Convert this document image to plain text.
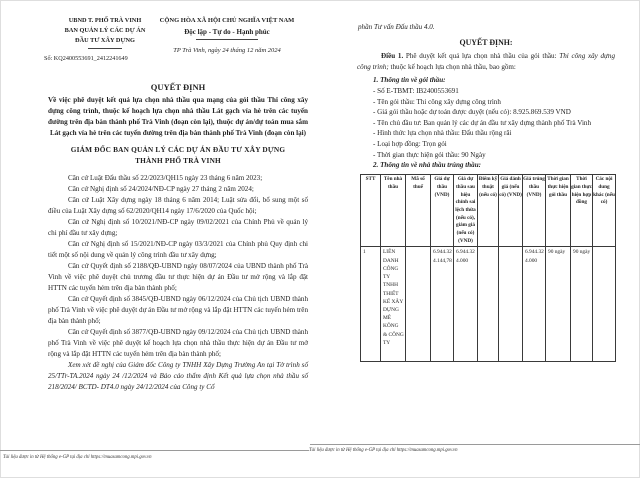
UBND T. PHỐ TRÀ VINH
BAN QUẢN LÝ CÁC DỰ ÁN
ĐẦU TƯ XÂY DỰNG
Số: KQ2400553691_2412241649
CỘNG HÒA XÃ HỘI CHỦ NGHĨA VIỆT NAM
Độc lập - Tự do - Hạnh phúc
TP Trà Vinh, ngày 24 tháng 12 năm 2024
QUYẾT ĐỊNH

Về việc phê duyệt kết quả lựa chọn nhà thầu qua mạng của gói thầu Thi công xây dựng công trình, thuộc kế hoạch lựa chọn nhà thầu Lát gạch vỉa hè trên các tuyến đường trên địa bàn thành phố Trà Vinh (đoạn còn lại), thuộc dự án/dự toán mua sắm Lát gạch vỉa hè trên các tuyến đường trên địa bàn thành phố Trà Vinh (đoạn còn lại)

GIÁM ĐỐC BAN QUẢN LÝ CÁC DỰ ÁN ĐẦU TƯ XÂY DỰNG
THÀNH PHỐ TRÀ VINH

Căn cứ Luật Đấu thầu số 22/2023/QH15 ngày 23 tháng 6 năm 2023;

Căn cứ Nghị định số 24/2024/NĐ-CP ngày 27 tháng 2 năm 2024;

Căn cứ Luật Xây dựng ngày 18 tháng 6 năm 2014; Luật sửa đổi, bổ sung một số điều của Luật Xây dựng số 62/2020/QH14 ngày 17/6/2020 của Quốc hội;

Căn cứ Nghị định số 10/2021/NĐ-CP ngày 09/02/2021 của Chính Phủ về quản lý chi phí đầu tư xây dựng;

Căn cứ Nghị định số 15/2021/NĐ-CP ngày 03/3/2021 của Chính phủ Quy định chi tiết một số nội dung về quản lý công trình đầu tư xây dựng;

Căn cứ Quyết định số 2188/QĐ-UBND ngày 08/07/2024 của UBND thành phố Trà Vinh về việc phê duyệt chủ trương đầu tư thực hiện dự án Đầu tư mở rộng và lắp đặt HTTN các tuyến hẻm trên địa bàn thành phố;

Căn cứ Quyết định số 3845/QĐ-UBND ngày 06/12/2024 của Chủ tịch UBND thành phố Trà Vinh về việc phê duyệt dự án Đầu tư mở rộng và lắp đặt HTTN các tuyến hẻm trên địa bàn thành phố;

Căn cứ Quyết định số 3877/QĐ-UBND ngày 09/12/2024 của Chủ tịch UBND thành phố Trà Vinh về việc phê duyệt kế hoạch lựa chọn nhà thầu thực hiện dự án Đầu tư mở rộng và lắp đặt HTTN các tuyến hẻm trên địa bàn thành phố;

Xem xét đề nghị của Giám đốc Công ty TNHH Xây Dựng Trường An tại Tờ trình số 25/TTr-TA.2024 ngày 24 /12/2024 và Báo cáo thẩm định Kết quả lựa chọn nhà thầu số 218/2024/ BCTD- DT4.0 ngày 24/12/2024 của Công ty Cổ

phần Tư vấn Đấu thầu 4.0.

QUYẾT ĐỊNH:

Điều 1. Phê duyệt kết quả lựa chọn nhà thầu của gói thầu: Thi công xây dựng công trình; thuộc kế hoạch lựa chọn nhà thầu, bao gồm:

1. Thông tin về gói thầu:

- Số E-TBMT: IB2400553691

- Tên gói thầu: Thi công xây dựng công trình

- Giá gói thầu hoặc dự toán được duyệt (nếu có): 8.925.869.539 VND

- Tên chủ đầu tư: Ban quản lý các dự án đầu tư xây dựng thành phố Trà Vinh

- Hình thức lựa chọn nhà thầu: Đấu thầu rộng rãi

- Loại hợp đồng: Trọn gói

- Thời gian thực hiện gói thầu: 90 Ngày

2. Thông tin về nhà thầu trúng thầu:

STT	Tên nhà thầu	Mã số thuế	Giá dự thầu (VND)	Giá dự thầu sau hiệu chỉnh sai lệch thừa (nếu có), giảm giá (nếu có) (VND)	Điểm kỹ thuật (nếu có)	Giá đánh giá (nếu có) (VND)	Giá trúng thầu (VND)	Thời gian thực hiện gói thầu	Thời gian thực hiện hợp đồng	Các nội dung khác (nếu có)
1	LIÊN DANH CÔNG TY TNHH THIẾT KẾ XÂY DỰNG MÊ KÔNG & CÔNG TY		6.944.324.144,78	6.944.324.000			6.944.324.000	90 ngày	90 ngày	
Tài liệu được in từ Hệ thống e-GP tại địa chỉ https://muasamcong.mpi.gov.vn
Tài liệu được in từ Hệ thống e-GP tại địa chỉ https://muasamcong.mpi.gov.vn
